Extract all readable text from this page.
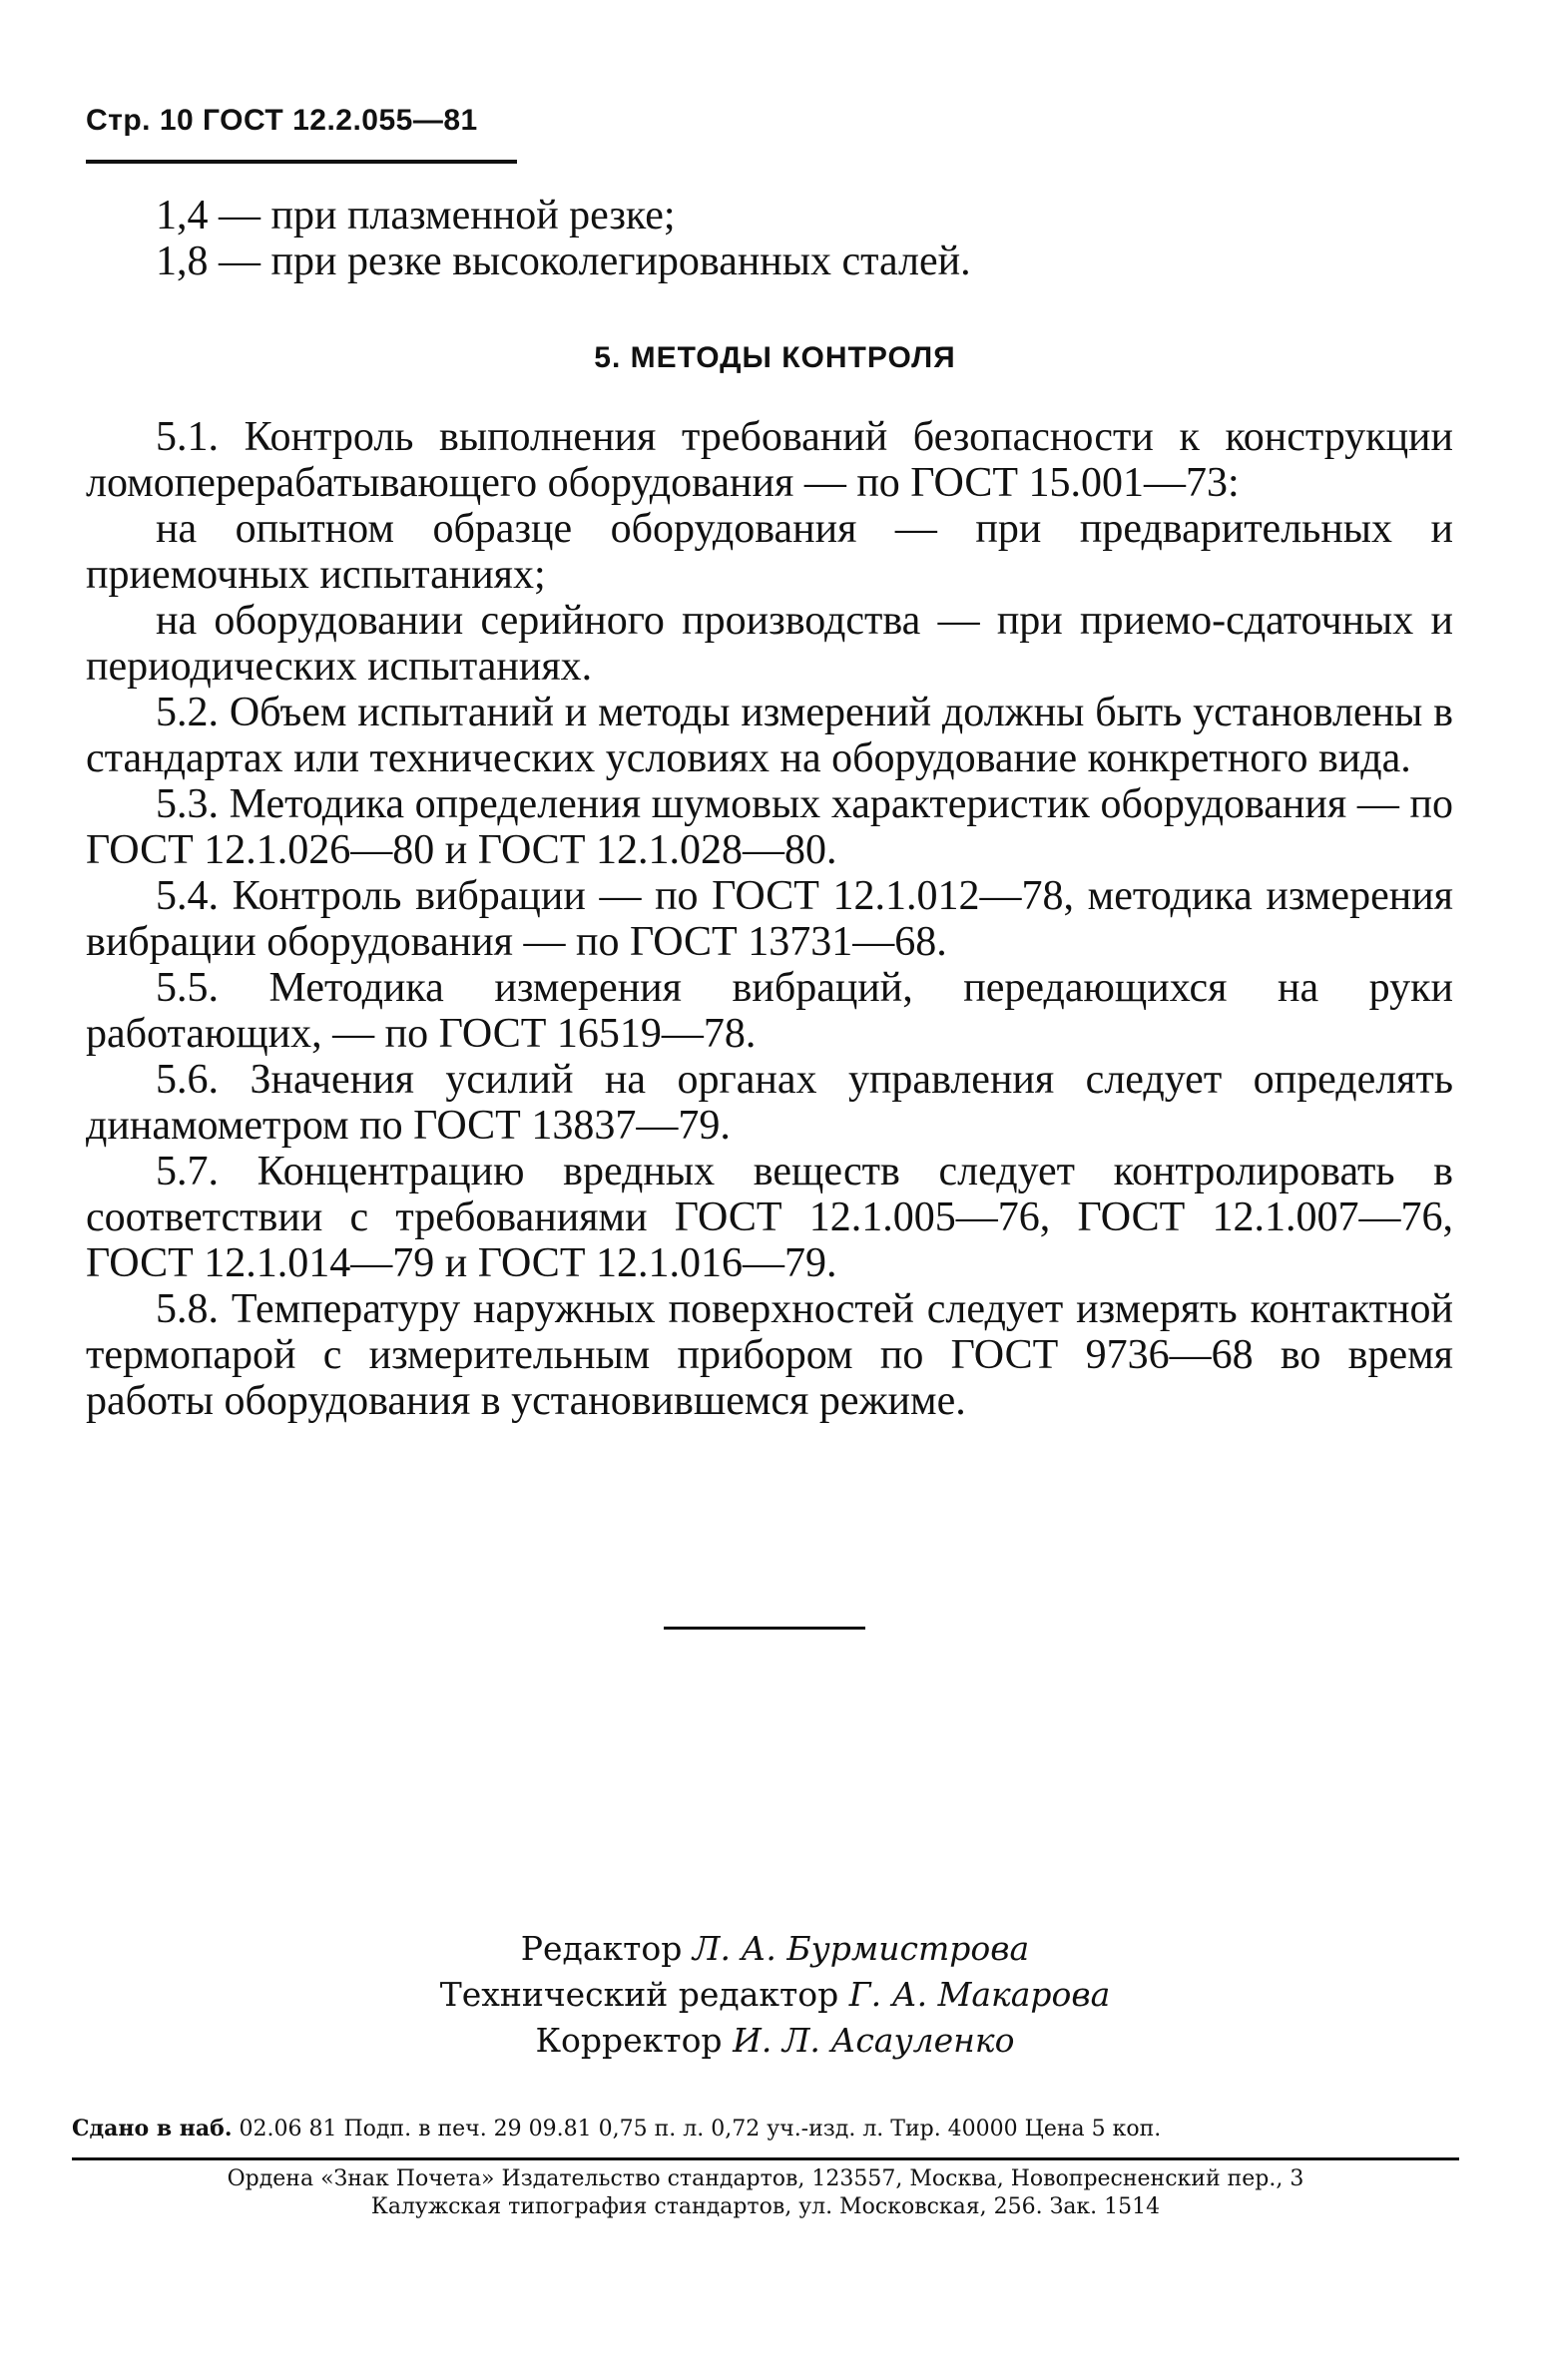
Стр. 10 ГОСТ 12.2.055—81
1,4 — при плазменной резке;
1,8 — при резке высоколегированных сталей.
5. МЕТОДЫ КОНТРОЛЯ

5.1. Контроль выполнения требований безопасности к конструкции ломоперерабатывающего оборудования — по ГОСТ 15.001—73:

на опытном образце оборудования — при предварительных и приемочных испытаниях;

на оборудовании серийного производства — при приемо-сдаточных и периодических испытаниях.

5.2. Объем испытаний и методы измерений должны быть установлены в стандартах или технических условиях на оборудование конкретного вида.

5.3. Методика определения шумовых характеристик оборудования — по ГОСТ 12.1.026—80 и ГОСТ 12.1.028—80.

5.4. Контроль вибрации — по ГОСТ 12.1.012—78, методика измерения вибрации оборудования — по ГОСТ 13731—68.

5.5. Методика измерения вибраций, передающихся на руки работающих, — по ГОСТ 16519—78.

5.6. Значения усилий на органах управления следует определять динамометром по ГОСТ 13837—79.

5.7. Концентрацию вредных веществ следует контролировать в соответствии с требованиями ГОСТ 12.1.005—76, ГОСТ 12.1.007—76, ГОСТ 12.1.014—79 и ГОСТ 12.1.016—79.

5.8. Температуру наружных поверхностей следует измерять контактной термопарой с измерительным прибором по ГОСТ 9736—68 во время работы оборудования в установившемся режиме.

Редактор Л. А. Бурмистрова
Технический редактор Г. А. Макарова
Корректор И. Л. Асауленко
Сдано в наб. 02.06 81 Подп. в печ. 29 09.81 0,75 п. л. 0,72 уч.-изд. л. Тир. 40000 Цена 5 коп.
Ордена «Знак Почета» Издательство стандартов, 123557, Москва, Новопресненский пер., 3
Калужская типография стандартов, ул. Московская, 256. Зак. 1514
